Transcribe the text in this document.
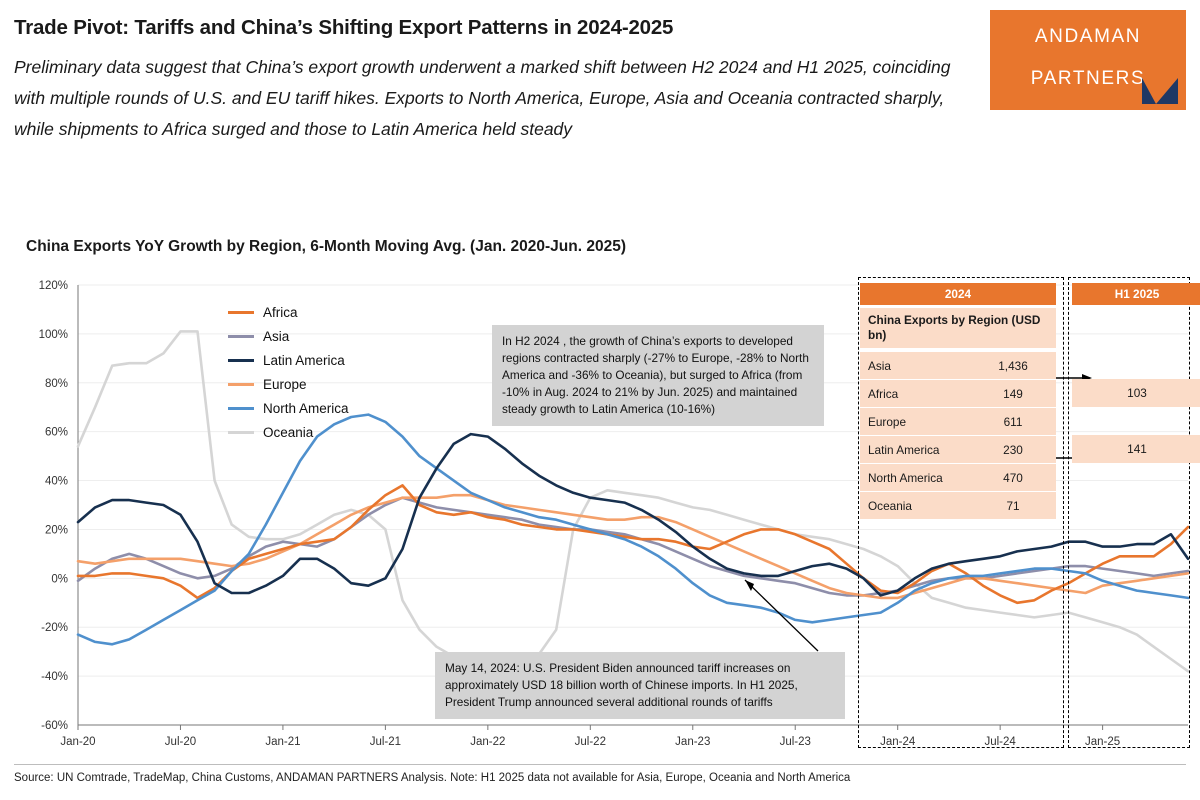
Trade Pivot: Tariffs and China’s Shifting Export Patterns in 2024-2025
Preliminary data suggest that China’s export growth underwent a marked shift between H2 2024 and H1 2025, coinciding with multiple rounds of U.S. and EU tariff hikes. Exports to North America, Europe, Asia and Oceania contracted sharply, while shipments to Africa surged and those to Latin America held steady
ANDAMAN
PARTNERS
China Exports YoY Growth by Region, 6-Month Moving Avg. (Jan. 2020-Jun. 2025)
-60%
-40%
-20%
0%
20%
40%
60%
80%
100%
120%
Jan-20	Jul-20	Jan-21	Jul-21	Jan-22	Jul-22	Jan-23	Jul-23	Jan-24	Jul-24	Jan-25
Africa
Asia
Latin America
Europe
North America
Oceania
In H2 2024 , the growth of China’s exports to developed regions contracted sharply (-27% to Europe, -28% to North America and -36% to Oceania), but surged to Africa (from -10% in Aug. 2024 to 21% by Jun. 2025) and maintained steady growth to Latin America (10-16%)
May 14, 2024: U.S. President Biden announced tariff increases on approximately USD 18 billion worth of Chinese imports. In H1 2025, President Trump announced several additional rounds of tariffs
2024	H1 2025
China Exports by Region (USD bn)
Asia	1,436
Africa	149
Europe	611
Latin America	230
North America	470
Oceania	71
103
141
Source: UN Comtrade, TradeMap, China Customs, ANDAMAN PARTNERS Analysis. Note: H1 2025 data not available for Asia, Europe, Oceania and North America
